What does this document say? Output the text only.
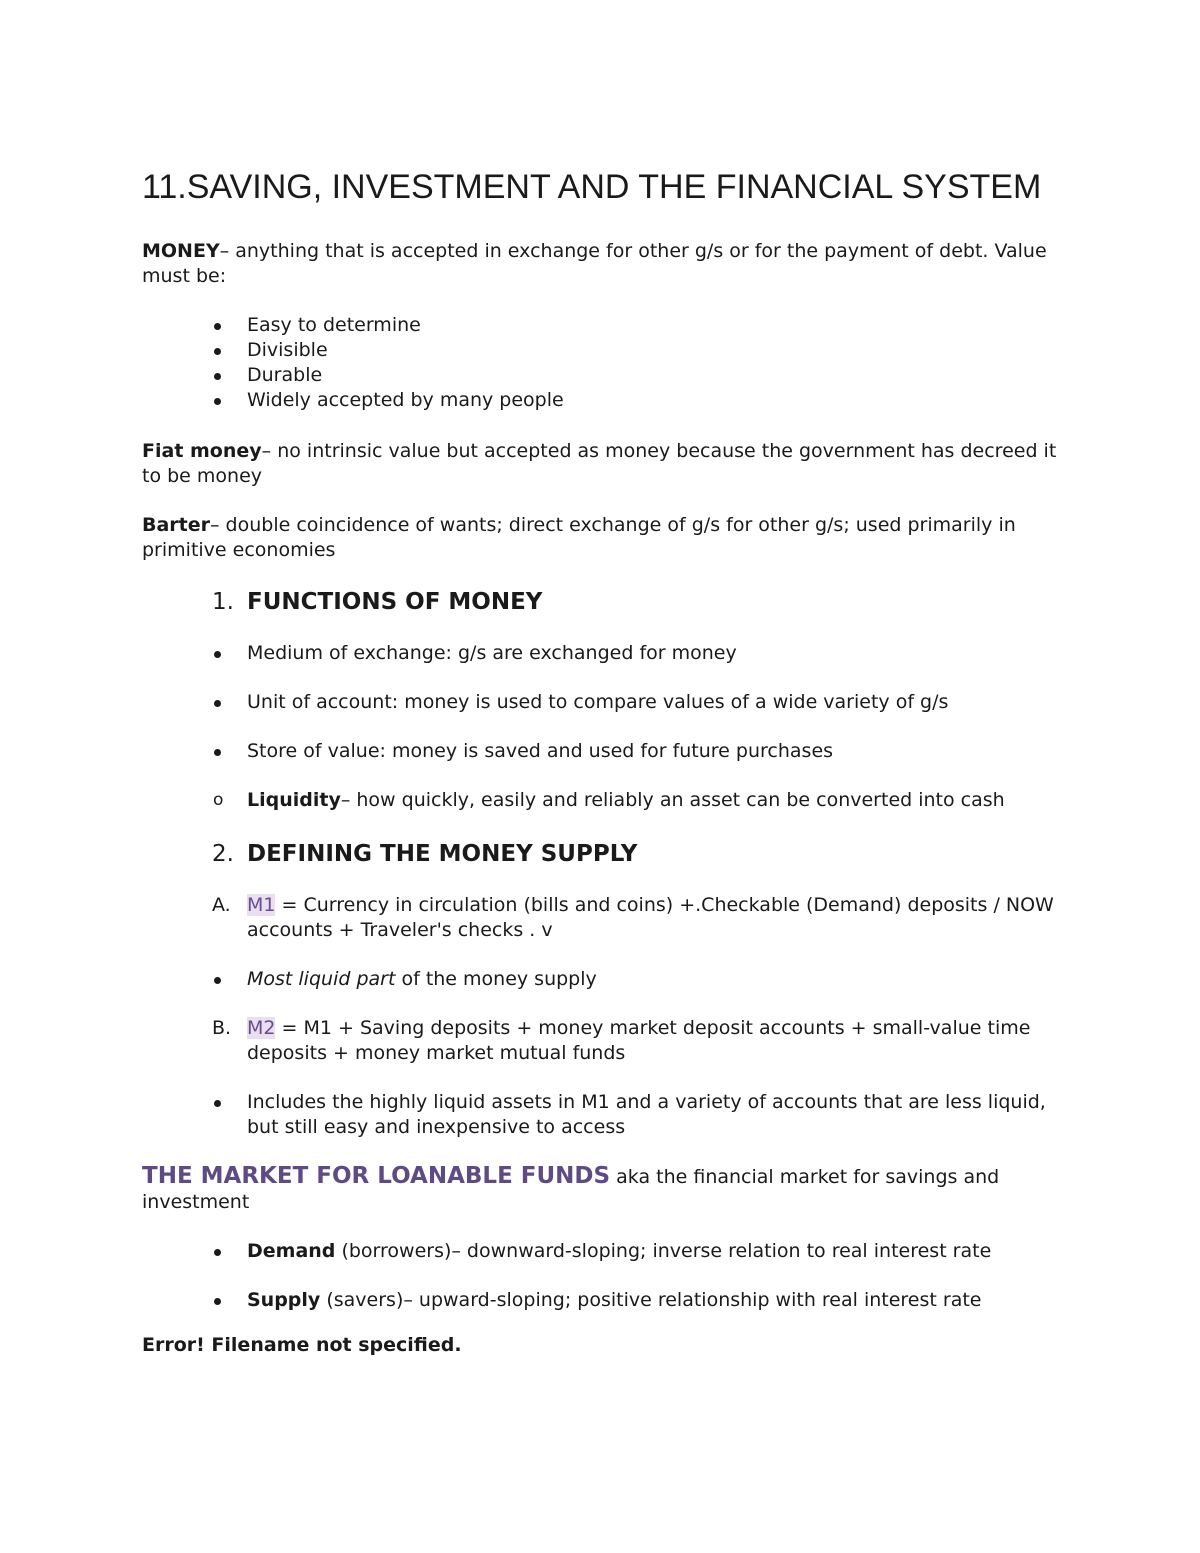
11.SAVING, INVESTMENT AND THE FINANCIAL SYSTEM

MONEY– anything that is accepted in exchange for other g/s or for the payment of debt. Value must be:

Easy to determine
Divisible
Durable
Widely accepted by many people

Fiat money– no intrinsic value but accepted as money because the government has decreed it to be money

Barter– double coincidence of wants; direct exchange of g/s for other g/s; used primarily in primitive economies

1. FUNCTIONS OF MONEY
Medium of exchange: g/s are exchanged for money
Unit of account: money is used to compare values of a wide variety of g/s
Store of value: money is saved and used for future purchases
o Liquidity– how quickly, easily and reliably an asset can be converted into cash
2. DEFINING THE MONEY SUPPLY
A. M1 = Currency in circulation (bills and coins) +.Checkable (Demand) deposits / NOW accounts + Traveler's checks . v
Most liquid part of the money supply
B. M2 = M1 + Saving deposits + money market deposit accounts + small-value time deposits + money market mutual funds
Includes the highly liquid assets in M1 and a variety of accounts that are less liquid, but still easy and inexpensive to access

THE MARKET FOR LOANABLE FUNDS aka the financial market for savings and investment

Demand (borrowers)– downward-sloping; inverse relation to real interest rate
Supply (savers)– upward-sloping; positive relationship with real interest rate

Error! Filename not specified.
